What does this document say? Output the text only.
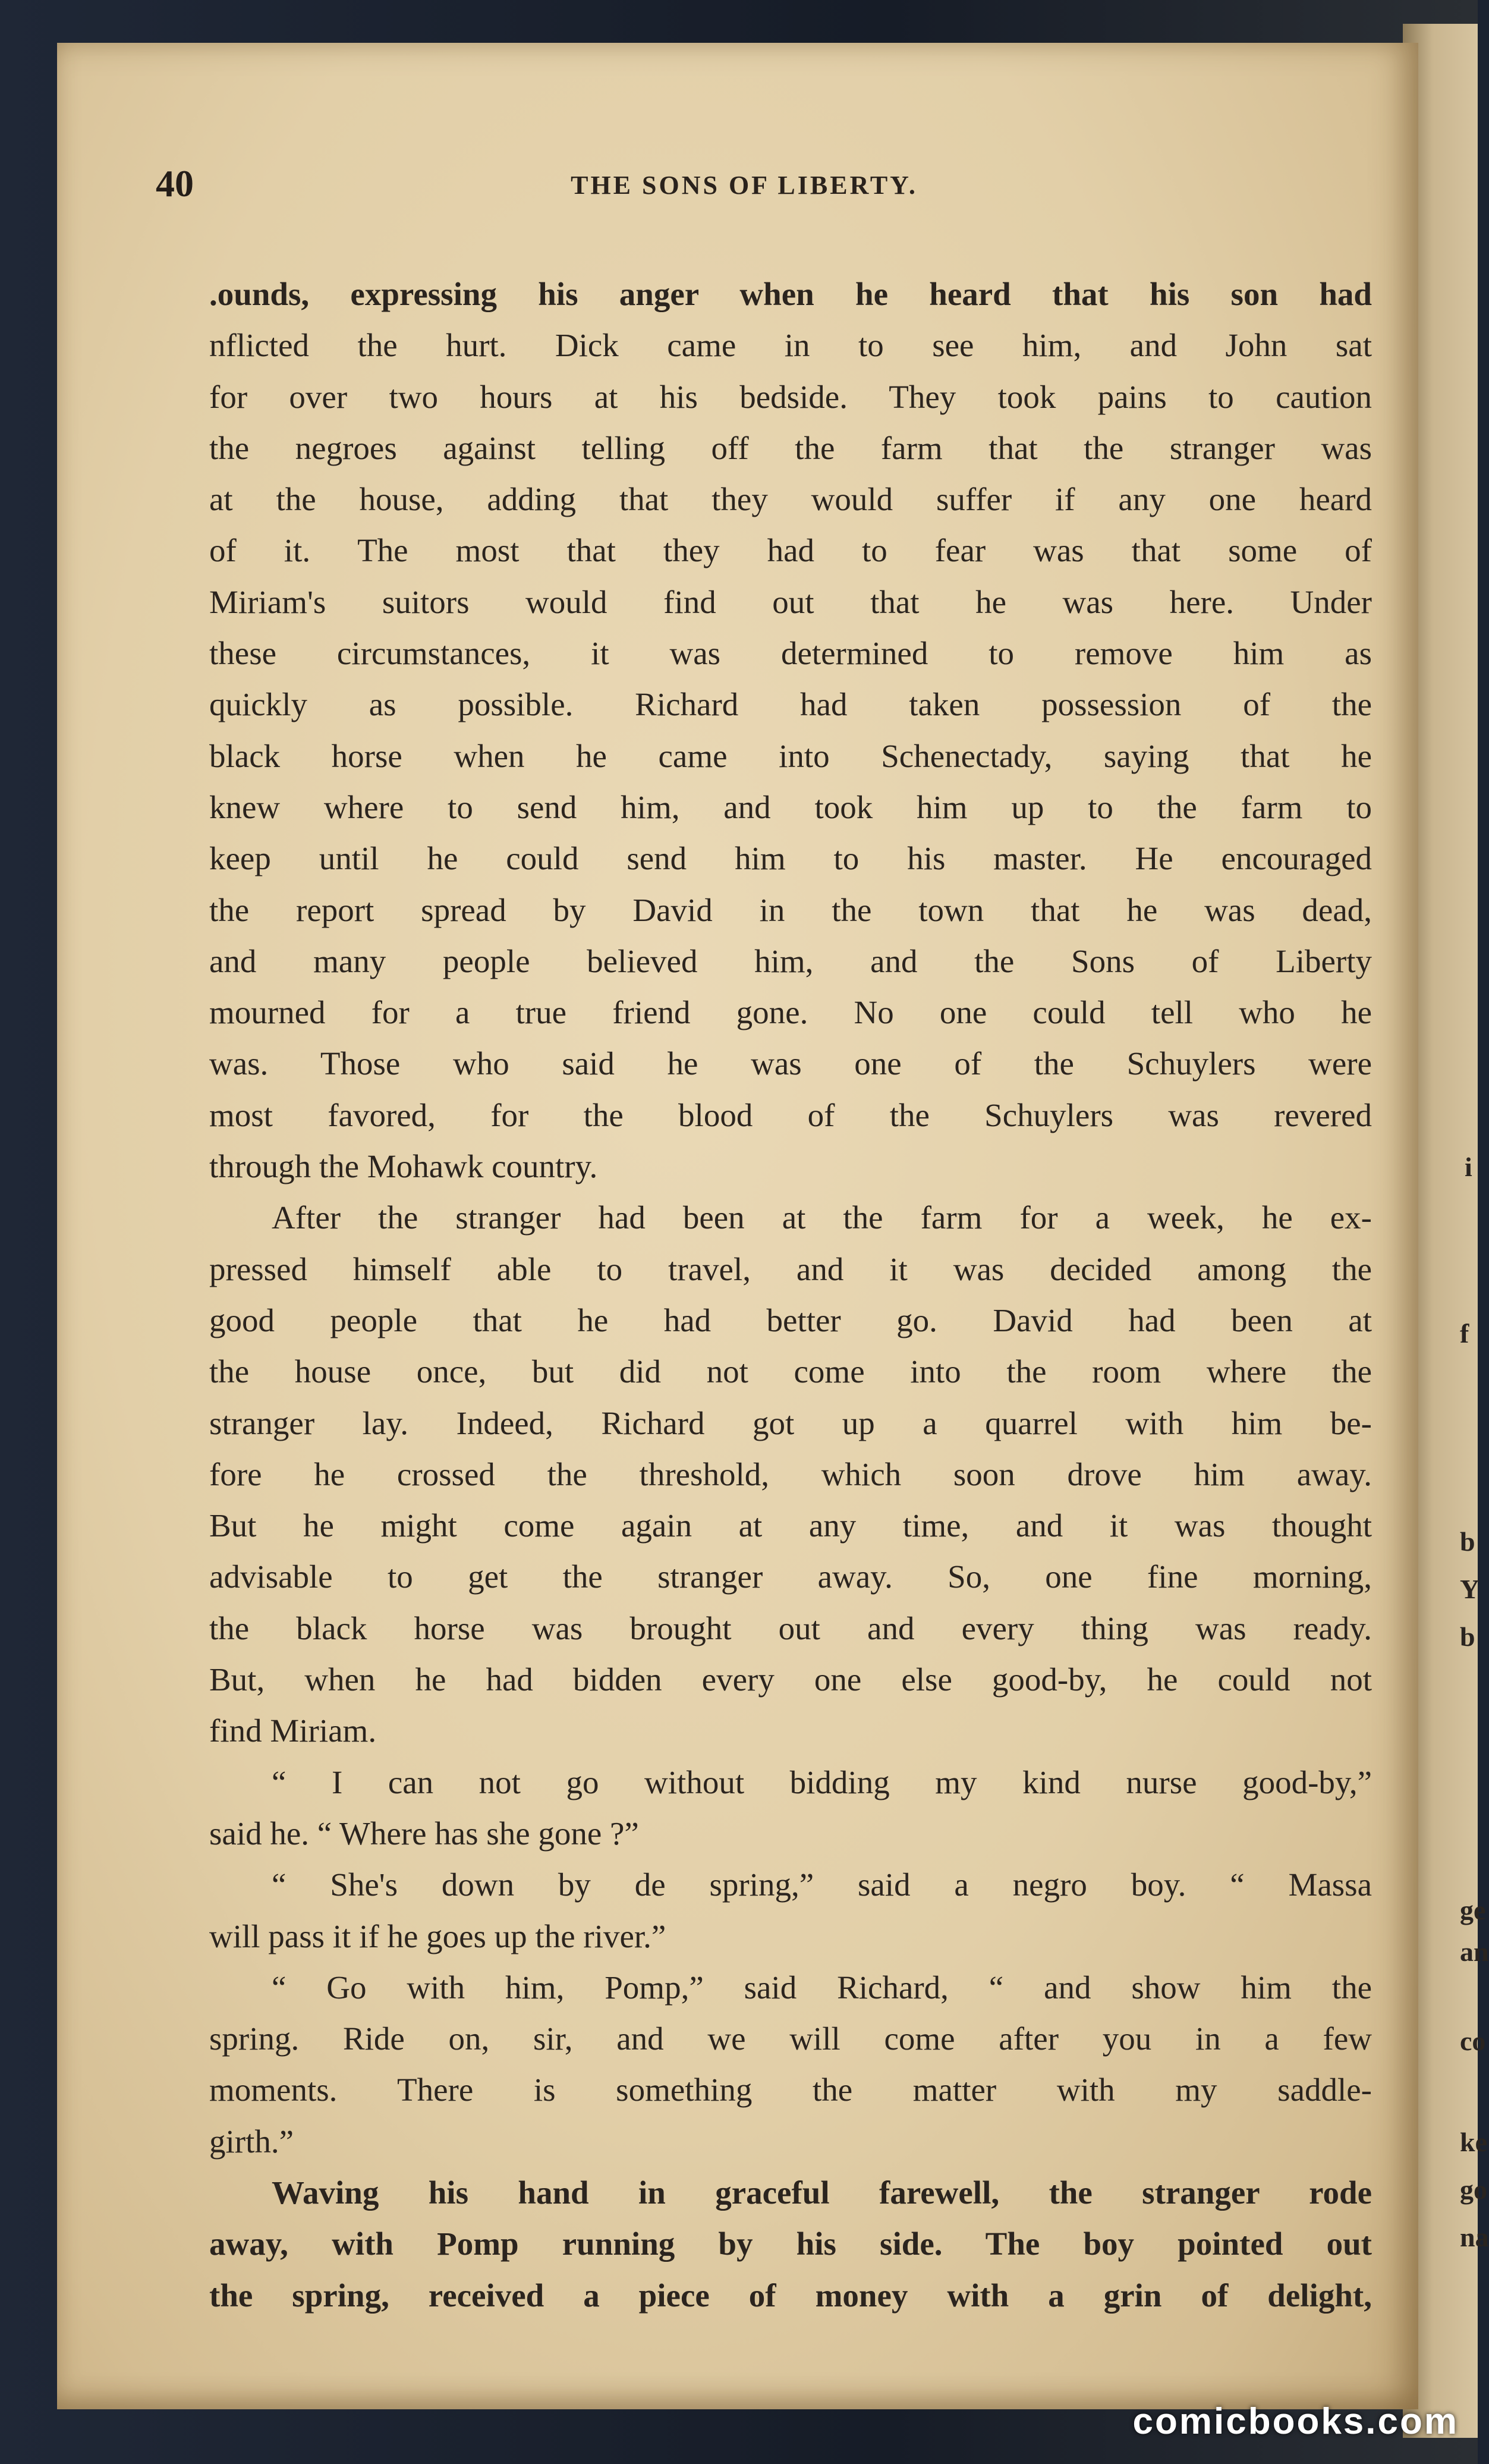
i
f
b
Y
b
ge
an
co
ke
go
na
40	THE SONS OF LIBERTY.
.ounds, expressing his anger when he heard that his son had
nflicted the hurt. Dick came in to see him, and John sat
for over two hours at his bedside. They took pains to caution
the negroes against telling off the farm that the stranger was
at the house, adding that they would suffer if any one heard
of it. The most that they had to fear was that some of
Miriam's suitors would find out that he was here. Under
these circumstances, it was determined to remove him as
quickly as possible. Richard had taken possession of the
black horse when he came into Schenectady, saying that he
knew where to send him, and took him up to the farm to
keep until he could send him to his master. He encouraged
the report spread by David in the town that he was dead,
and many people believed him, and the Sons of Liberty
mourned for a true friend gone. No one could tell who he
was. Those who said he was one of the Schuylers were
most favored, for the blood of the Schuylers was revered
through the Mohawk country.
After the stranger had been at the farm for a week, he ex-
pressed himself able to travel, and it was decided among the
good people that he had better go. David had been at
the house once, but did not come into the room where the
stranger lay. Indeed, Richard got up a quarrel with him be-
fore he crossed the threshold, which soon drove him away.
But he might come again at any time, and it was thought
advisable to get the stranger away. So, one fine morning,
the black horse was brought out and every thing was ready.
But, when he had bidden every one else good-by, he could not
find Miriam.
“ I can not go without bidding my kind nurse good-by,”
said he. “ Where has she gone ?”
“ She's down by de spring,” said a negro boy. “ Massa
will pass it if he goes up the river.”
“ Go with him, Pomp,” said Richard, “ and show him the
spring. Ride on, sir, and we will come after you in a few
moments. There is something the matter with my saddle-
girth.”
Waving his hand in graceful farewell, the stranger rode
away, with Pomp running by his side. The boy pointed out
the spring, received a piece of money with a grin of delight,
comicbooks.com
